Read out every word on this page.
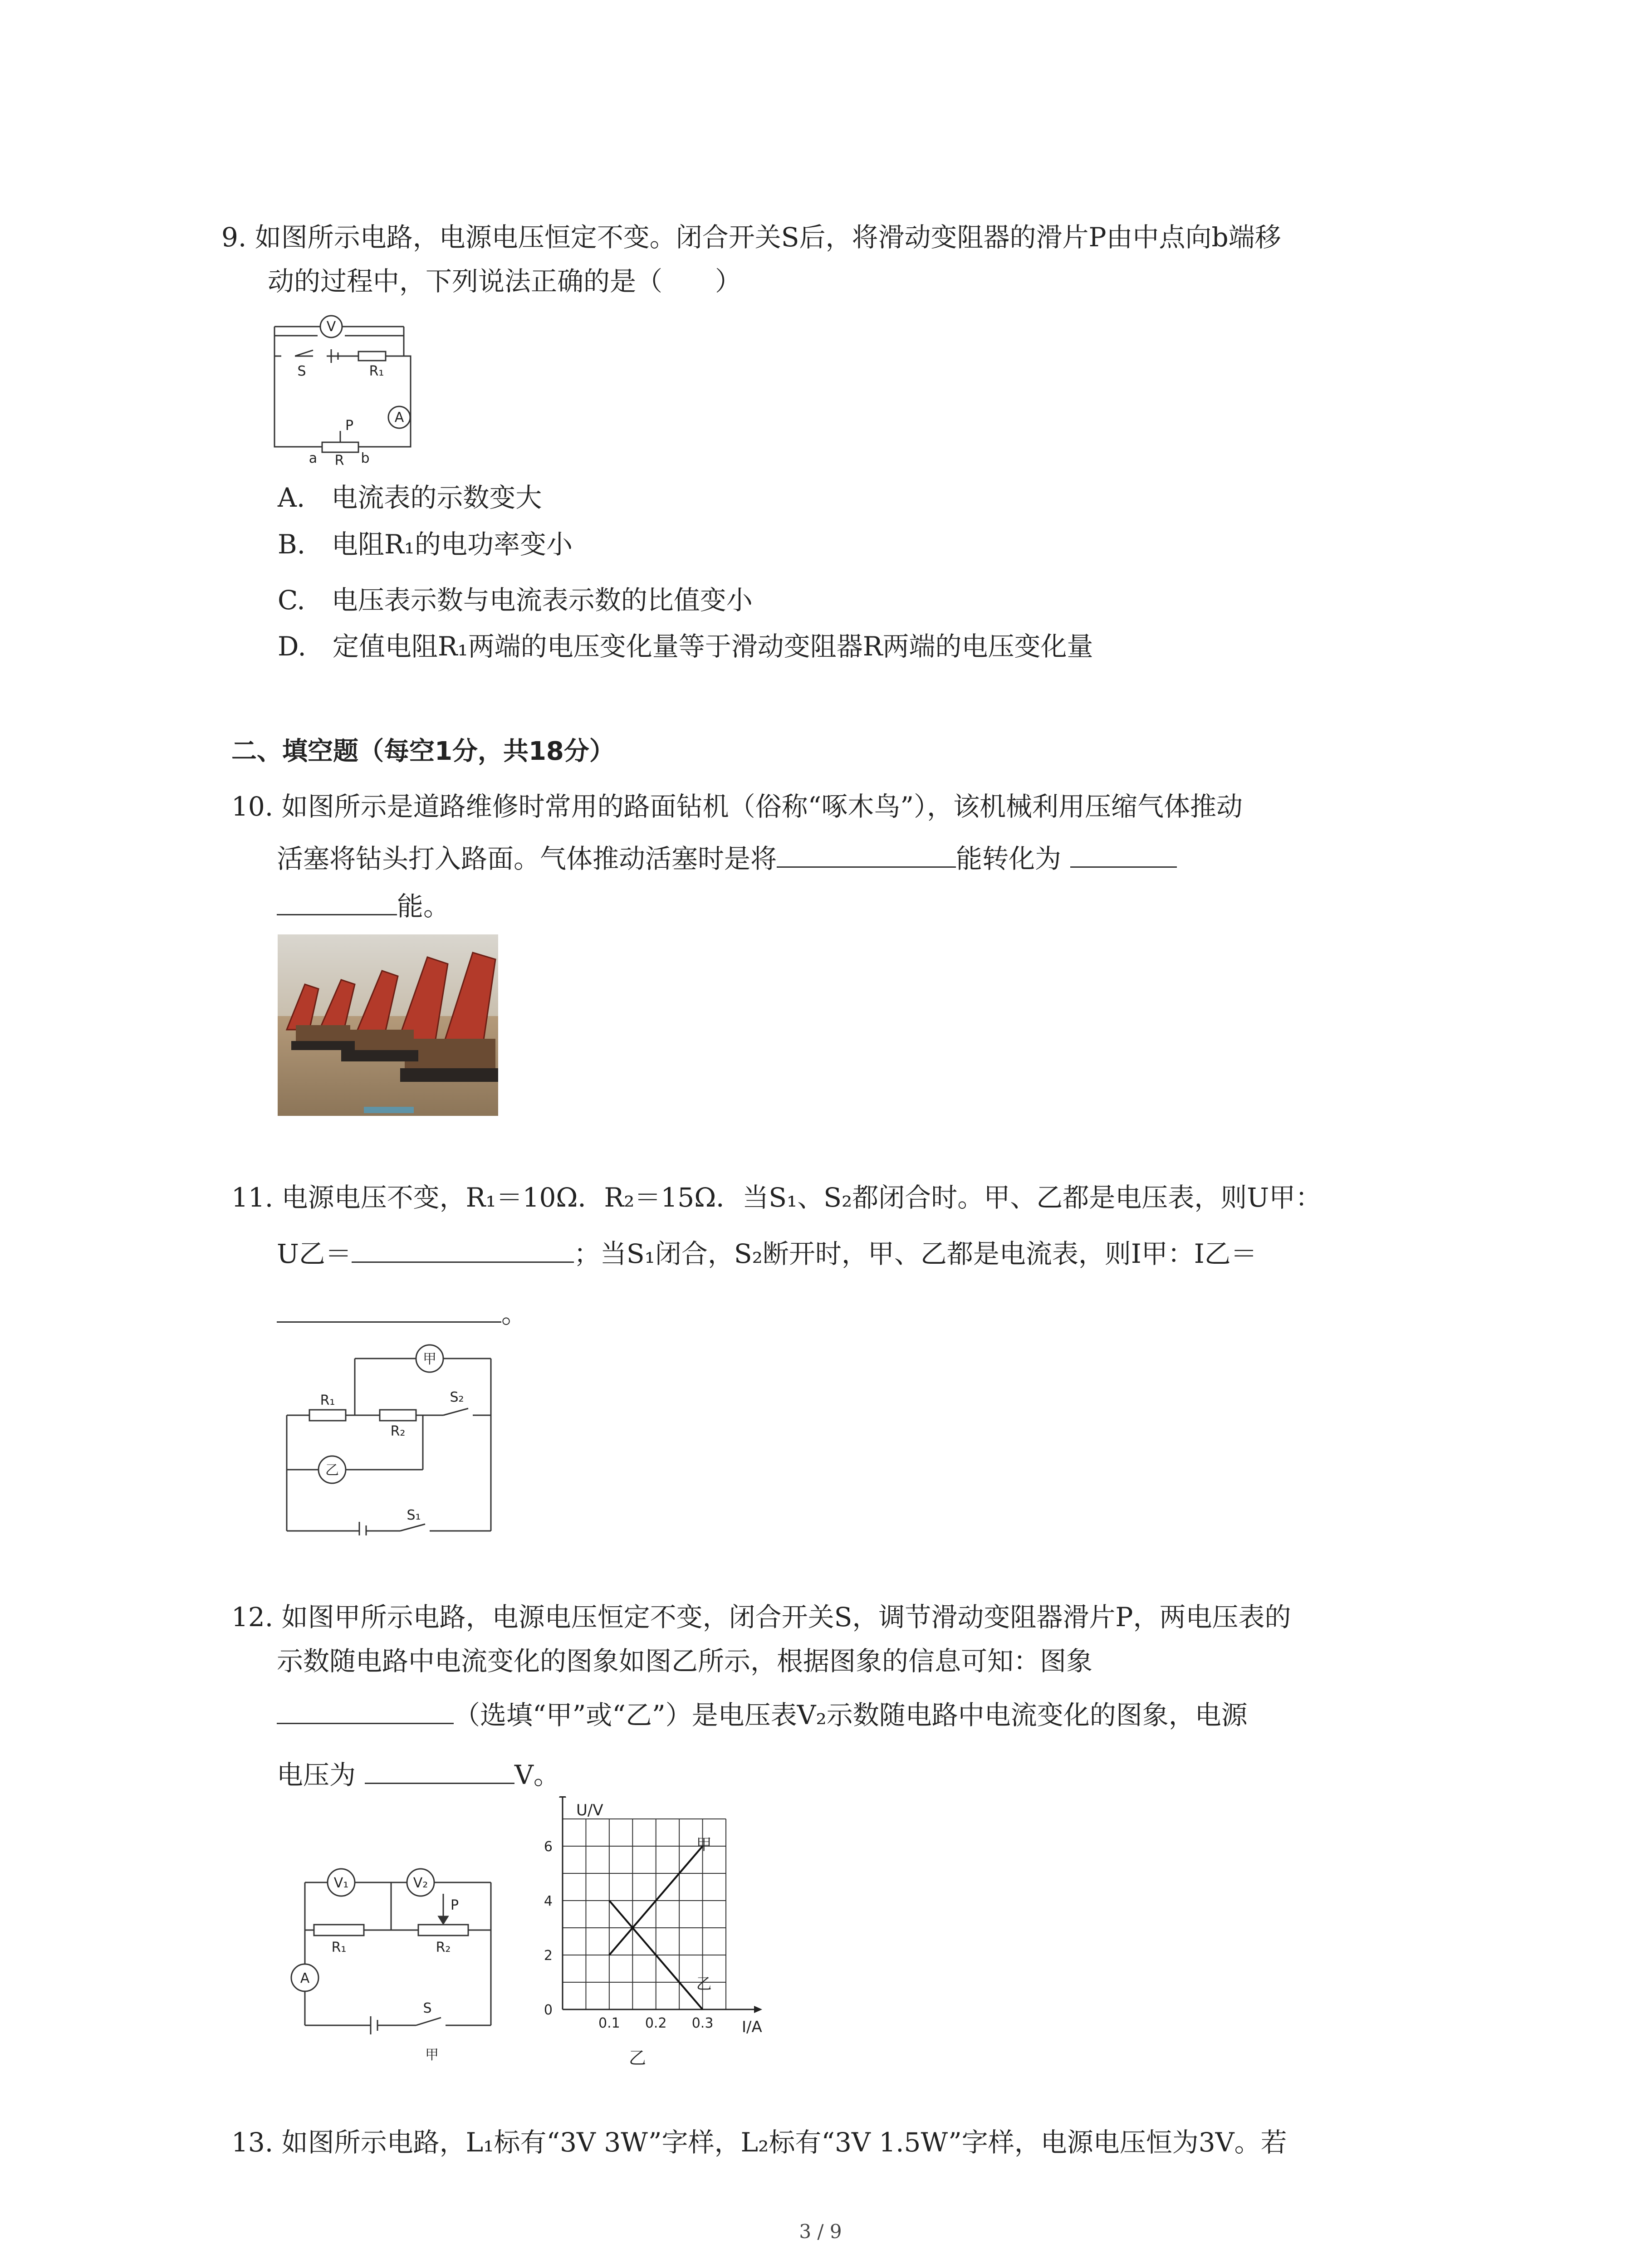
9. 如图所示电路，电源电压恒定不变。闭合开关S后，将滑动变阻器的滑片P由中点向b端移
动的过程中，下列说法正确的是（　　）
V
S	R₁
A
P
a R b
A.　电流表的示数变大
B.　电阻R₁的电功率变小
C.　电压表示数与电流表示数的比值变小
D.　定值电阻R₁两端的电压变化量等于滑动变阻器R两端的电压变化量
二、填空题（每空1分，共18分）
10. 如图所示是道路维修时常用的路面钻机（俗称“啄木鸟”），该机械利用压缩气体推动
活塞将钻头打入路面。气体推动活塞时是将	能转化为
能。
11. 电源电压不变，R₁＝10Ω．R₂＝15Ω．当S₁、S₂都闭合时。甲、乙都是电压表，则U甲：
U乙＝	；当S₁闭合，S₂断开时，甲、乙都是电流表，则I甲：I乙＝
。
甲
乙
R₁
R₂
S₂
S₁
12. 如图甲所示电路，电源电压恒定不变，闭合开关S，调节滑动变阻器滑片P，两电压表的
示数随电路中电流变化的图象如图乙所示，根据图象的信息可知：图象
（选填“甲”或“乙”）是电压表V₂示数随电路中电流变化的图象，电源
电压为	V。
V₁	V₂
P
R₁	R₂
A
S
甲
0.1 0.2 0.3
0
2
4
6	甲
乙
U/V
I/A
乙
13. 如图所示电路，L₁标有“3V 3W”字样，L₂标有“3V 1.5W”字样，电源电压恒为3V。若
3 / 9
